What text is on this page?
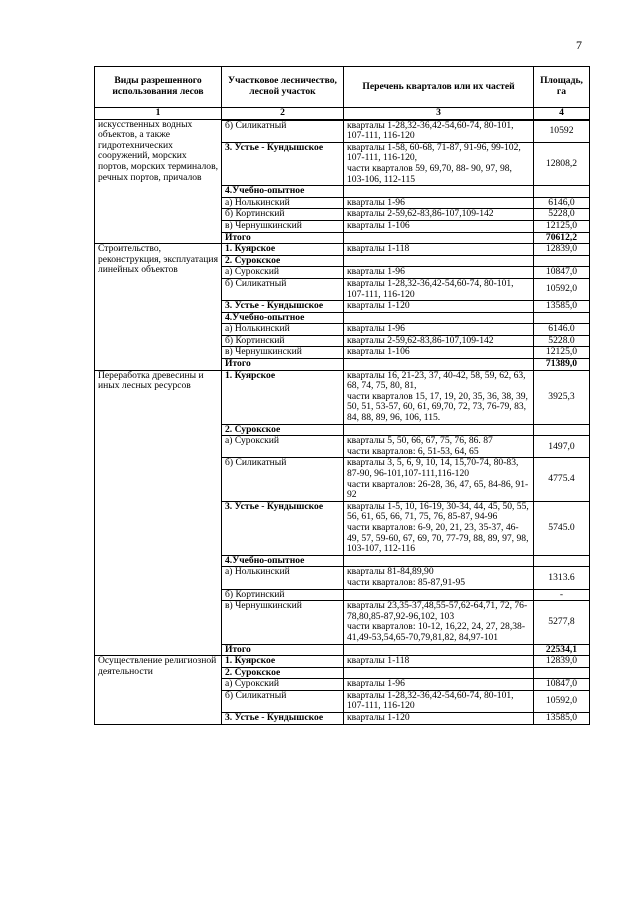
7
Виды разрешенного использования лесов	Участковое лесничество, лесной участок	Перечень кварталов или их частей	Площадь, га
1	2	3	4
искусственных водных объектов, а также гидротехнических сооружений, морских портов, морских терминалов, речных портов, причалов			
	б) Силикатный	кварталы 1-28,32-36,42-54,60-74, 80-101, 107-111, 116-120	10592
	3. Устье - Кундышское	кварталы 1-58, 60-68, 71-87, 91-96, 99-102, 107-111, 116-120,
части кварталов 59, 69,70, 88- 90, 97, 98, 103-106, 112-115	12808,2
	4.Учебно-опытное		
	а) Нолькинский	кварталы 1-96	6146,0
	б) Кортинский	кварталы 2-59,62-83,86-107,109-142	5228,0
	в) Чернушкинский	кварталы 1-106	12125,0
	Итого		70612,2
Строительство, реконструкция, эксплуатация линейных объектов	1. Куярское	кварталы 1-118	12839,0
	2. Сурокское		
	а) Сурокский	кварталы 1-96	10847,0
	б) Силикатный	кварталы 1-28,32-36,42-54,60-74, 80-101, 107-111, 116-120	10592,0
	3. Устье - Кундышское	кварталы 1-120	13585,0
	4.Учебно-опытное		
	а) Нолькинский	кварталы 1-96	6146.0
	б) Кортинский	кварталы 2-59,62-83,86-107,109-142	5228.0
	в) Чернушкинский	кварталы 1-106	12125,0
	Итого		71389,0
Переработка древесины и иных лесных ресурсов	1. Куярское	кварталы 16, 21-23, 37, 40-42, 58, 59, 62, 63, 68, 74, 75, 80, 81,
части кварталов 15, 17, 19, 20, 35, 36, 38, 39, 50, 51, 53-57, 60, 61, 69,70, 72, 73, 76-79, 83, 84, 88, 89, 96, 106, 115.	3925,3
	2. Сурокское		
	а) Сурокский	кварталы 5, 50, 66, 67, 75, 76, 86. 87
части кварталов: 6, 51-53, 64, 65	1497,0
	б) Силикатный	кварталы 3, 5, 6, 9, 10, 14, 15,70-74, 80-83, 87-90, 96-101,107-111,116-120
части кварталов: 26-28, 36, 47, 65, 84-86, 91-92	4775.4
	3. Устье - Кундышское	кварталы 1-5, 10, 16-19, 30-34, 44, 45, 50, 55, 56, 61, 65, 66, 71, 75, 76, 85-87, 94-96
части кварталов: 6-9, 20, 21, 23, 35-37, 46-49, 57, 59-60, 67, 69, 70, 77-79, 88, 89, 97, 98, 103-107, 112-116	5745.0
	4.Учебно-опытное		
	а) Нолькинский	кварталы 81-84,89,90
части кварталов: 85-87,91-95	1313.6
	б) Кортинский		-
	в) Чернушкинский	кварталы 23,35-37,48,55-57,62-64,71, 72, 76-78,80,85-87,92-96,102, 103
части кварталов: 10-12, 16,22, 24, 27, 28,38-41,49-53,54,65-70,79,81,82, 84,97-101	5277,8
	Итого		22534,1
Осуществление религиозной деятельности	1. Куярское	кварталы 1-118	12839,0
	2. Сурокское		
	а) Сурокский	кварталы 1-96	10847,0
	б) Силикатный	кварталы 1-28,32-36,42-54,60-74, 80-101, 107-111, 116-120	10592,0
	3. Устье - Кундышское	кварталы 1-120	13585,0
